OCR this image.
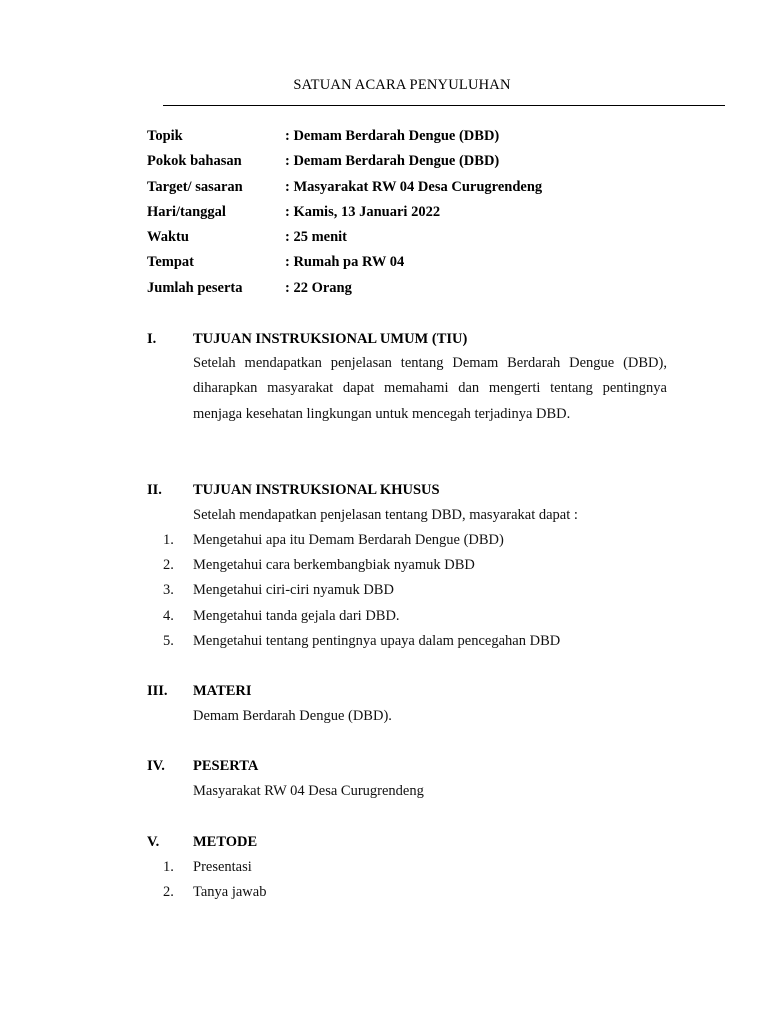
SATUAN ACARA PENYULUHAN
Topik	: Demam Berdarah Dengue (DBD)
Pokok bahasan	: Demam Berdarah Dengue (DBD)
Target/ sasaran	: Masyarakat RW 04 Desa Curugrendeng
Hari/tanggal	: Kamis, 13 Januari 2022
Waktu	: 25 menit
Tempat	: Rumah pa RW 04
Jumlah peserta	: 22 Orang
I.	TUJUAN INSTRUKSIONAL UMUM (TIU)
Setelah mendapatkan penjelasan tentang Demam Berdarah Dengue (DBD), diharapkan masyarakat dapat memahami dan mengerti tentang pentingnya menjaga kesehatan lingkungan untuk mencegah terjadinya DBD.
II.	TUJUAN INSTRUKSIONAL KHUSUS
Setelah mendapatkan penjelasan tentang DBD, masyarakat dapat :
1.	Mengetahui apa itu Demam Berdarah Dengue (DBD)
2.	Mengetahui cara berkembangbiak nyamuk DBD
3.	Mengetahui ciri-ciri nyamuk DBD
4.	Mengetahui tanda gejala dari DBD.
5.	Mengetahui tentang pentingnya upaya dalam pencegahan DBD
III.	MATERI
Demam Berdarah Dengue (DBD).
IV.	PESERTA
Masyarakat RW 04 Desa Curugrendeng
V.	METODE
1.	Presentasi
2.	Tanya jawab
